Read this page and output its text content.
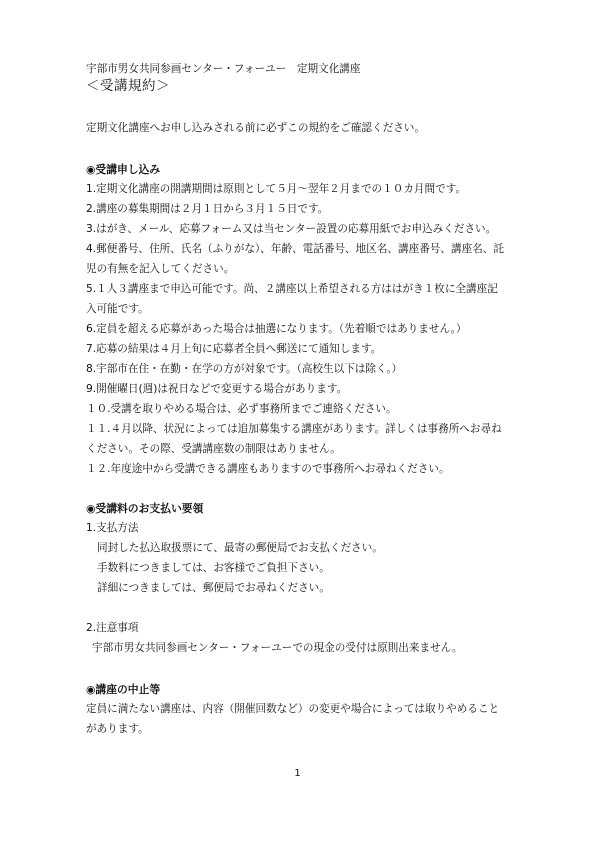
宇部市男女共同参画センター・フォーユー　定期文化講座
＜受講規約＞
定期文化講座へお申し込みされる前に必ずこの規約をご確認ください。
◉受講申し込み
1.定期文化講座の開講期間は原則として５月～翌年２月までの１０カ月間です。
2.講座の募集期間は２月１日から３月１５日です。
3.はがき、メール、応募フォーム又は当センター設置の応募用紙でお申込みください。
4.郵便番号、住所、氏名（ふりがな）、年齢、電話番号、地区名、講座番号、講座名、託
児の有無を記入してください。
5.１人３講座まで申込可能です。尚、２講座以上希望される方ははがき１枚に全講座記
入可能です。
6.定員を超える応募があった場合は抽選になります。（先着順ではありません。）
7.応募の結果は４月上旬に応募者全員へ郵送にて通知します。
8.宇部市在住・在勤・在学の方が対象です。（高校生以下は除く。）
9.開催曜日(週)は祝日などで変更する場合があります。
１０.受講を取りやめる場合は、必ず事務所までご連絡ください。
１１.４月以降、状況によっては追加募集する講座があります。詳しくは事務所へお尋ね
ください。その際、受講講座数の制限はありません。
１２.年度途中から受講できる講座もありますので事務所へお尋ねください。
◉受講料のお支払い要領
1.支払方法
同封した払込取扱票にて、最寄の郵便局でお支払ください。
手数料につきましては、お客様でご負担下さい。
詳細につきましては、郵便局でお尋ねください。
2.注意事項
宇部市男女共同参画センター・フォーユーでの現金の受付は原則出来ません。
◉講座の中止等
定員に満たない講座は、内容（開催回数など）の変更や場合によっては取りやめること
があります。
1
